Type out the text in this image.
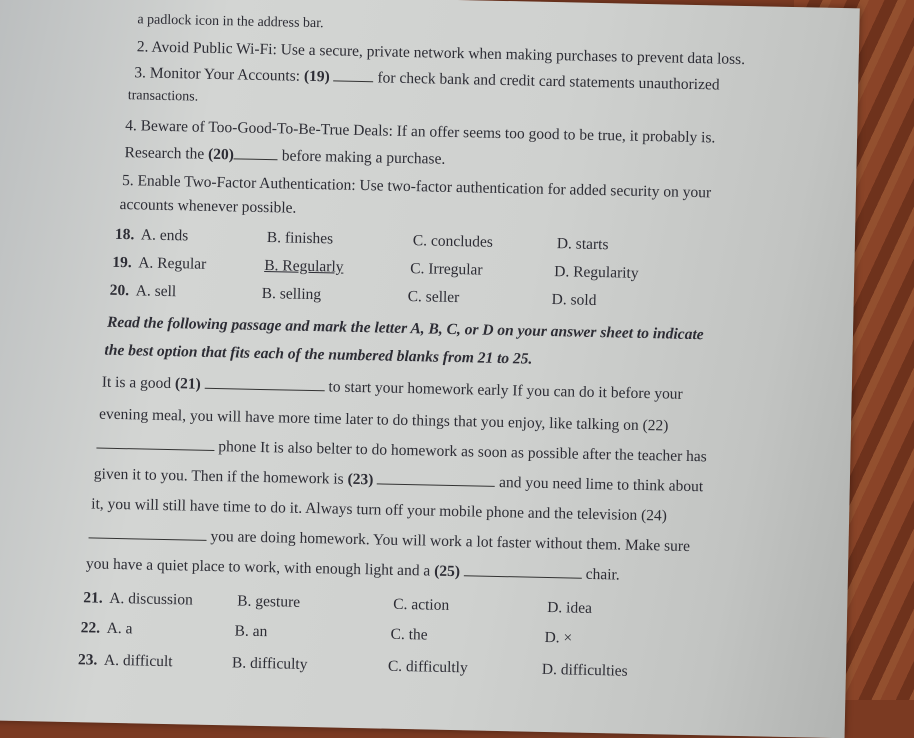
a padlock icon in the address bar.
2. Avoid Public Wi-Fi: Use a secure, private network when making purchases to prevent data loss.
3. Monitor Your Accounts: (19)	for check bank and credit card statements unauthorized
transactions.
4. Beware of Too-Good-To-Be-True Deals: If an offer seems too good to be true, it probably is.
Research the (20)	before making a purchase.
5. Enable Two-Factor Authentication: Use two-factor authentication for added security on your
accounts whenever possible.
18. A. ends	B. finishes	C. concludes	D. starts
19. A. Regular	B. Regularly	C. Irregular	D. Regularity
20. A. sell	B. selling	C. seller	D. sold
Read the following passage and mark the letter A, B, C, or D on your answer sheet to indicate
the best option that fits each of the numbered blanks from 21 to 25.
It is a good (21)	to start your homework early If you can do it before your
evening meal, you will have more time later to do things that you enjoy, like talking on (22)
phone It is also belter to do homework as soon as possible after the teacher has
given it to you. Then if the homework is (23)	and you need lime to think about
it, you will still have time to do it. Always turn off your mobile phone and the television (24)
you are doing homework. You will work a lot faster without them. Make sure
you have a quiet place to work, with enough light and a (25)	chair.
21. A. discussion	B. gesture	C. action	D. idea
22. A. a	B. an	C. the	D. ×
23. A. difficult	B. difficulty	C. difficultly	D. difficulties
